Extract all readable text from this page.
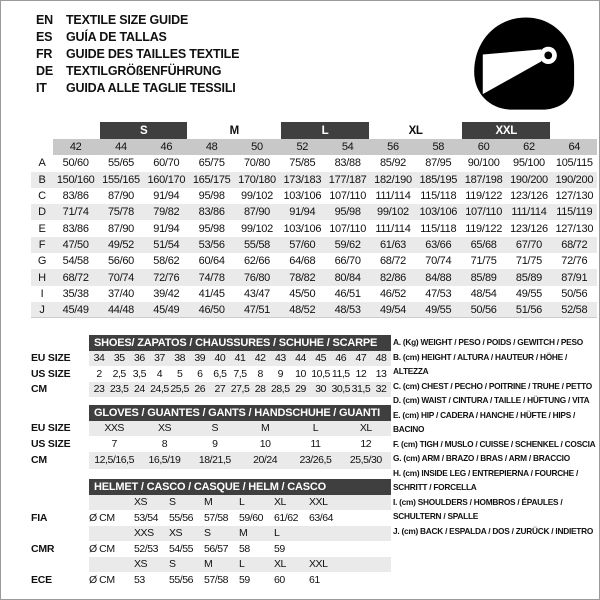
EN	TEXTILE SIZE GUIDE
ES	GUÍA DE TALLAS
FR	GUIDE DES TAILLES TEXTILE
DE	TEXTILGRÖßENFÜHRUNG
IT	GUIDA ALLE TAGLIE TESSILI
		S		M		L		XL		XXL		
	42	44	46	48	50	52	54	56	58	60	62	64
A	50/60	55/65	60/70	65/75	70/80	75/85	83/88	85/92	87/95	90/100	95/100	105/115
B	150/160	155/165	160/170	165/175	170/180	173/183	177/187	182/190	185/195	187/198	190/200	190/200
C	83/86	87/90	91/94	95/98	99/102	103/106	107/110	111/114	115/118	119/122	123/126	127/130
D	71/74	75/78	79/82	83/86	87/90	91/94	95/98	99/102	103/106	107/110	111/114	115/119
E	83/86	87/90	91/94	95/98	99/102	103/106	107/110	111/114	115/118	119/122	123/126	127/130
F	47/50	49/52	51/54	53/56	55/58	57/60	59/62	61/63	63/66	65/68	67/70	68/72
G	54/58	56/60	58/62	60/64	62/66	64/68	66/70	68/72	70/74	71/75	71/75	72/76
H	68/72	70/74	72/76	74/78	76/80	78/82	80/84	82/86	84/88	85/89	85/89	87/91
I	35/38	37/40	39/42	41/45	43/47	45/50	46/51	46/52	47/53	48/54	49/55	50/56
J	45/49	44/48	45/49	46/50	47/51	48/52	48/53	49/54	49/55	50/56	51/56	52/58
SHOES/ ZAPATOS / CHAUSSURES / SCHUHE / SCARPE
EU SIZE	34 35 36 37 38 39 40 41 42 43 44 45 46 47 48
US SIZE	2	2,5 3,5	4	5	6	6,5 7,5	8	9	10 10,5 11,5 12 13
CM	23 23,5 24 24,5 25,5 26 27 27,5 28 28,5 29 30 30,5 31,5 32
GLOVES / GUANTES / GANTS / HANDSCHUHE / GUANTI
EU SIZE	XXS	XS	S	M	L	XL
US SIZE	7	8	9	10	11	12
CM	12,5/16,5	16,5/19	18/21,5	20/24	23/26,5	25,5/30
HELMET / CASCO / CASQUE / HELM / CASCO
XS	S	M	L	XL	XXL
FIA	Ø CM	53/54	55/56	57/58	59/60	61/62	63/64
XXS	XS	S	M	L
CMR	Ø CM	52/53	54/55	56/57	58	59
XS	S	M	L	XL	XXL
ECE	Ø CM	53	55/56	57/58	59	60	61
A. (Kg) WEIGHT / PESO / POIDS / GEWITCH / PESO
B. (cm) HEIGHT / ALTURA / HAUTEUR / HÖHE / ALTEZZA
C. (cm) CHEST / PECHO / POITRINE / TRUHE / PETTO
D. (cm) WAIST / CINTURA / TAILLE / HÜFTUNG / VITA
E. (cm) HIP / CADERA / HANCHE / HÜFTE / HIPS / BACINO
F. (cm) TIGH / MUSLO / CUISSE / SCHENKEL / COSCIA
G. (cm) ARM / BRAZO / BRAS / ARM / BRACCIO
H. (cm) INSIDE LEG / ENTREPIERNA / FOURCHE / SCHRITT / FORCELLA
I. (cm) SHOULDERS / HOMBROS / ÉPAULES / SCHULTERN / SPALLE
J. (cm) BACK / ESPALDA / DOS / ZURÜCK / INDIETRO
